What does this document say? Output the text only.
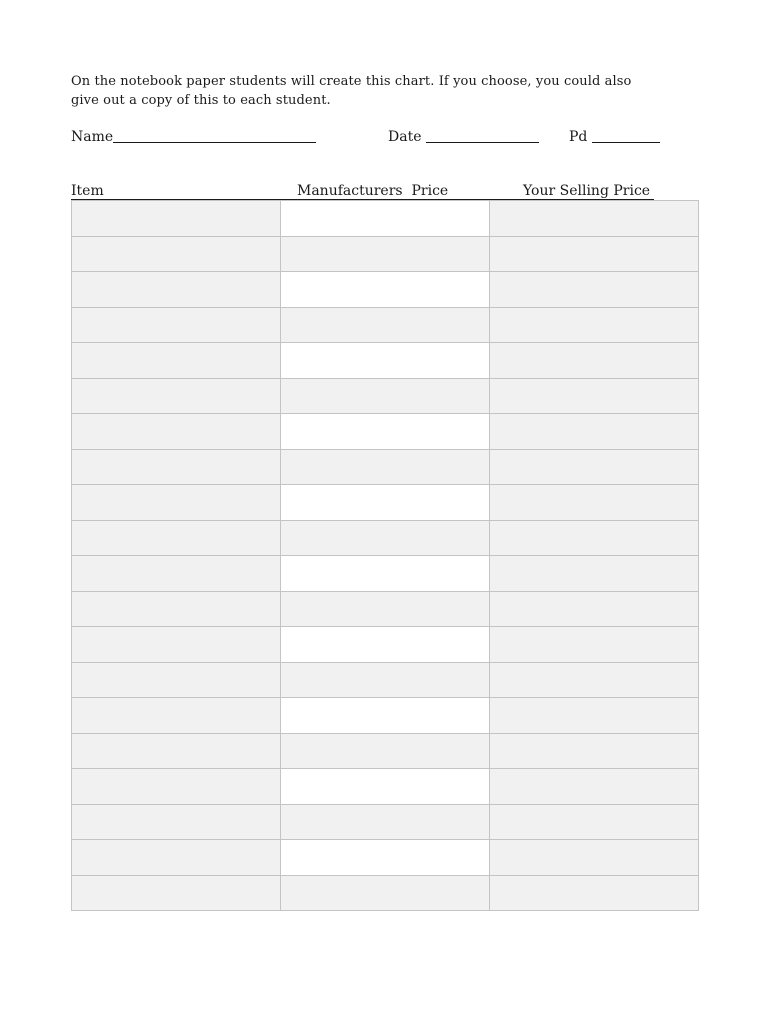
On the notebook paper students will create this chart. If you choose, you could also
give out a copy of this to each student.
Name	Date	Pd
Item	Manufacturers  Price	Your Selling Price
